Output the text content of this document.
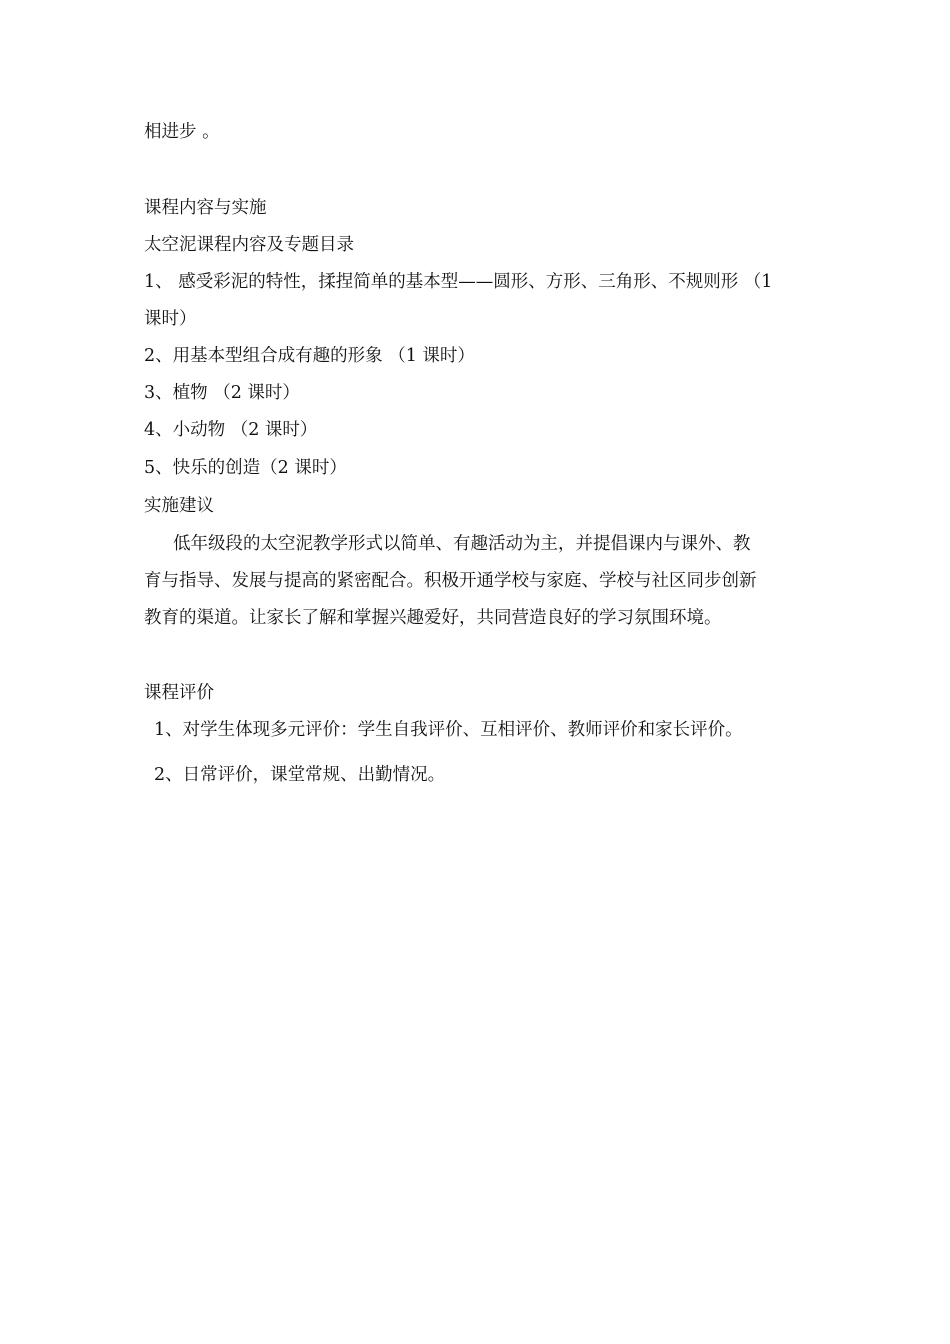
相进步 。
课程内容与实施
太空泥课程内容及专题目录
1、 感受彩泥的特性，揉捏简单的基本型——圆形、方形、三角形、不规则形 （1
课时）
2、用基本型组合成有趣的形象 （1 课时）
3、植物 （2 课时）
4、小动物 （2 课时）
5、快乐的创造（2 课时）
实施建议
低年级段的太空泥教学形式以简单、有趣活动为主，并提倡课内与课外、教
育与指导、发展与提高的紧密配合。积极开通学校与家庭、学校与社区同步创新
教育的渠道。让家长了解和掌握兴趣爱好，共同营造良好的学习氛围环境。
课程评价
1、对学生体现多元评价：学生自我评价、互相评价、教师评价和家长评价。
2、日常评价，课堂常规、出勤情况。
